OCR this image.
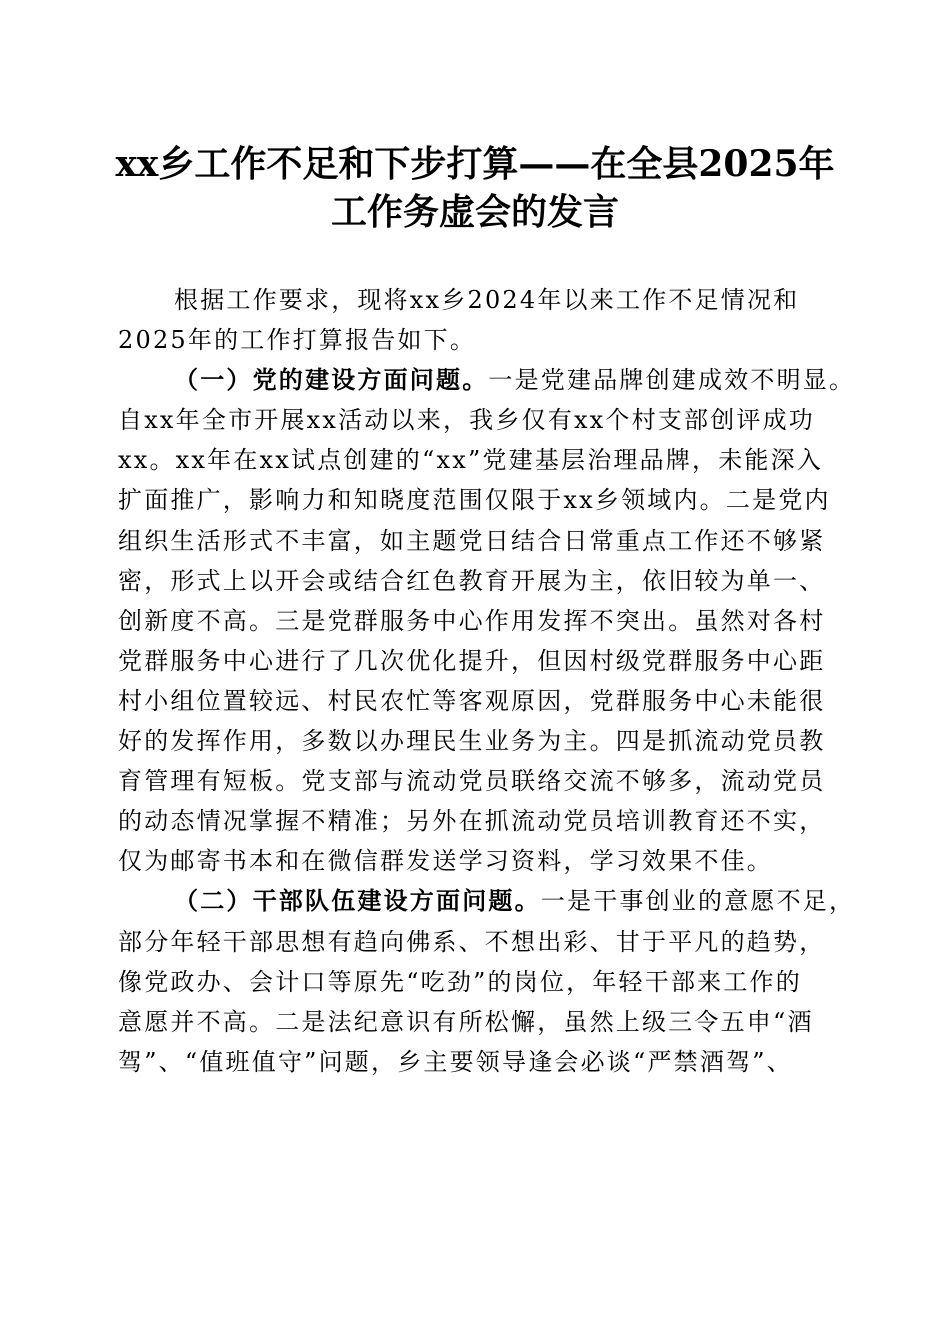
xx乡工作不足和下步打算——在全县2025年
工作务虚会的发言

根据工作要求，现将xx乡2024年以来工作不足情况和
2025年的工作打算报告如下。

（一）党的建设方面问题。一是党建品牌创建成效不明显。
自xx年全市开展xx活动以来，我乡仅有xx个村支部创评成功
xx。xx年在xx试点创建的“xx”党建基层治理品牌，未能深入
扩面推广，影响力和知晓度范围仅限于xx乡领域内。二是党内
组织生活形式不丰富，如主题党日结合日常重点工作还不够紧
密，形式上以开会或结合红色教育开展为主，依旧较为单一、
创新度不高。三是党群服务中心作用发挥不突出。虽然对各村
党群服务中心进行了几次优化提升，但因村级党群服务中心距
村小组位置较远、村民农忙等客观原因，党群服务中心未能很
好的发挥作用，多数以办理民生业务为主。四是抓流动党员教
育管理有短板。党支部与流动党员联络交流不够多，流动党员
的动态情况掌握不精准；另外在抓流动党员培训教育还不实，
仅为邮寄书本和在微信群发送学习资料，学习效果不佳。

（二）干部队伍建设方面问题。一是干事创业的意愿不足，
部分年轻干部思想有趋向佛系、不想出彩、甘于平凡的趋势，
像党政办、会计口等原先“吃劲”的岗位，年轻干部来工作的
意愿并不高。二是法纪意识有所松懈，虽然上级三令五申“酒
驾”、“值班值守”问题，乡主要领导逢会必谈“严禁酒驾”、
